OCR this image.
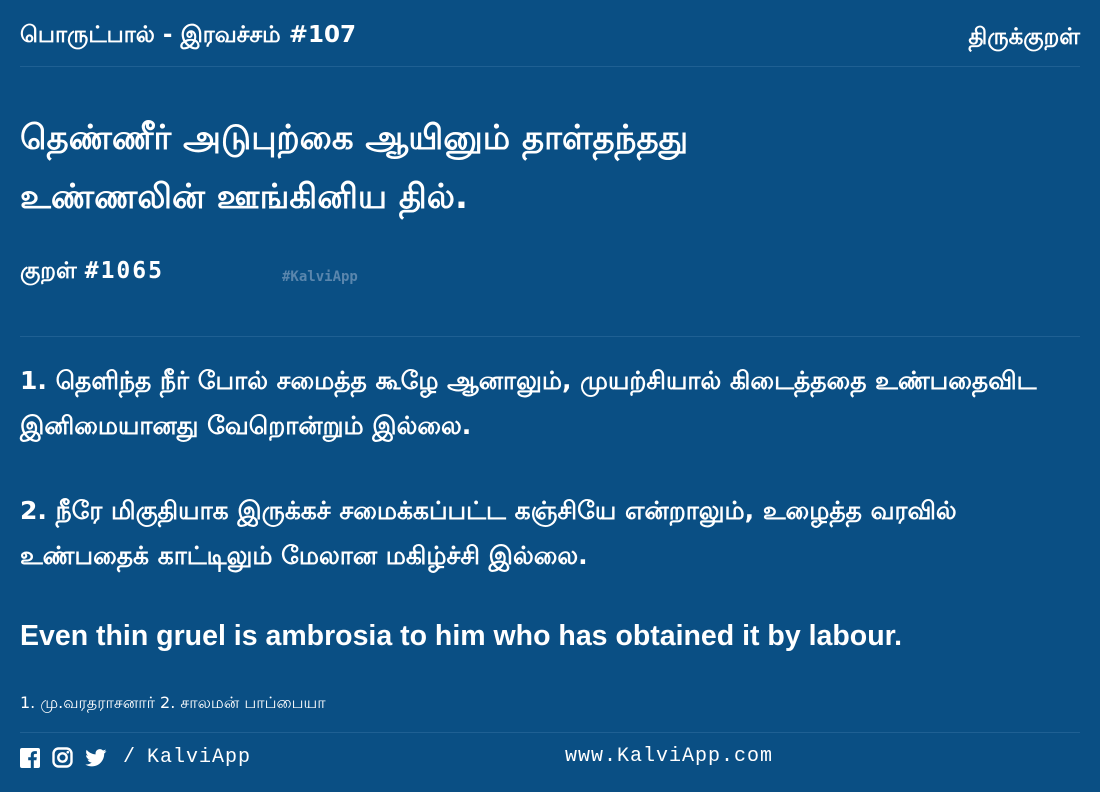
பொருட்பால் - இரவச்சம் #107	திருக்குறள்
தெண்ணீர் அடுபுற்கை ஆயினும் தாள்தந்தது
உண்ணலின் ஊங்கினிய தில்.
குறள் #1065	#KalviApp
1. தெளிந்த நீர் போல் சமைத்த கூழே ஆனாலும், முயற்சியால் கிடைத்ததை உண்பதைவிட இனிமையானது வேறொன்றும் இல்லை.
2. நீரே மிகுதியாக இருக்கச் சமைக்கப்பட்ட கஞ்சியே என்றாலும், உழைத்த வரவில் உண்பதைக் காட்டிலும் மேலான மகிழ்ச்சி இல்லை.
Even thin gruel is ambrosia to him who has obtained it by labour.
1. மு.வரதராசனார் 2. சாலமன் பாப்பையா
/ KalviApp	www.KalviApp.com
